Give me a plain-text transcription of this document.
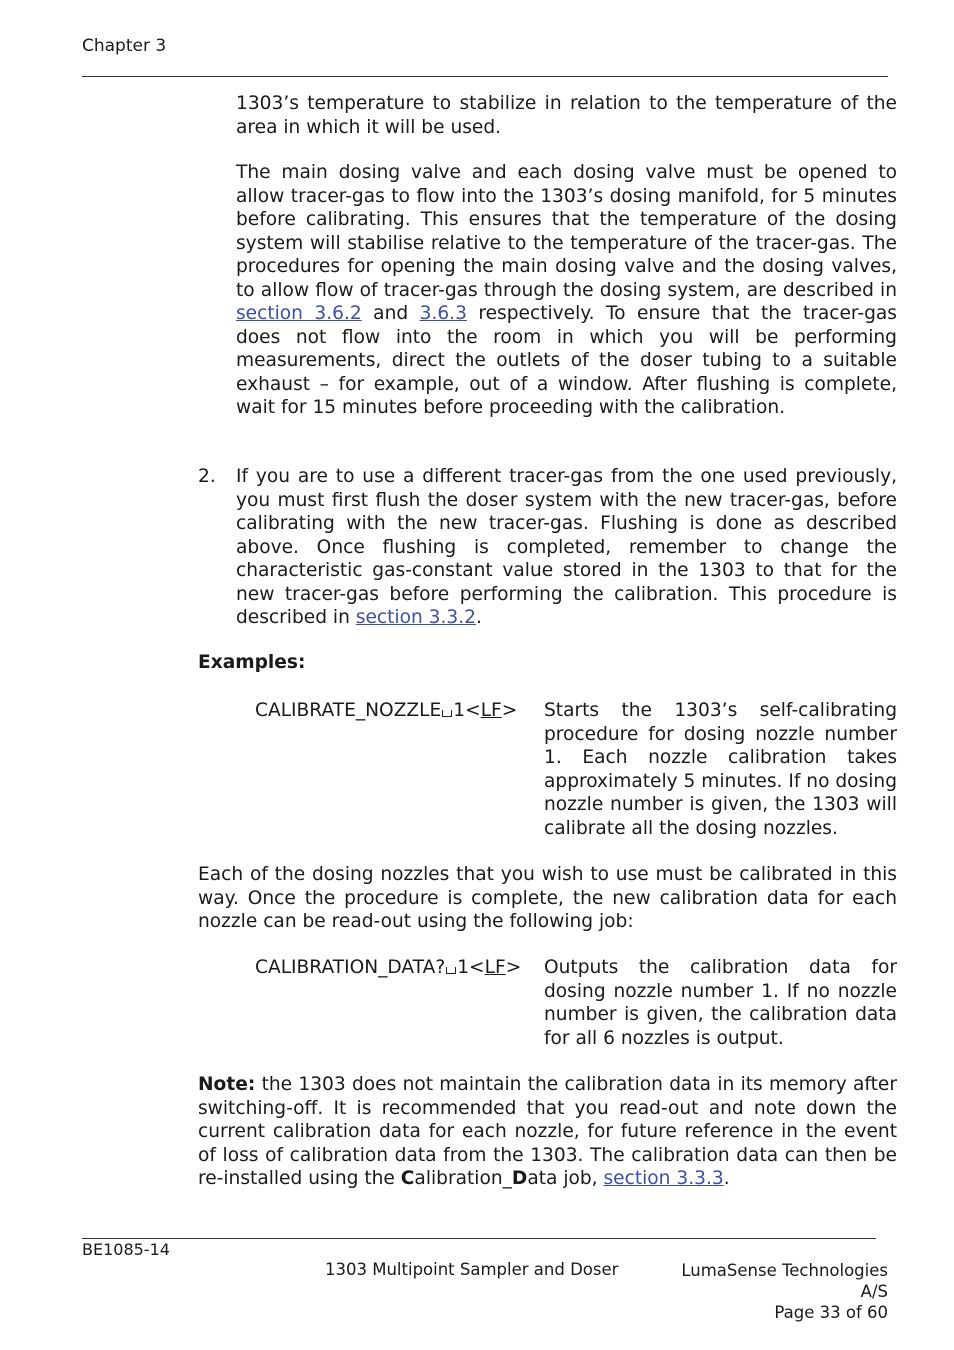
Chapter 3
1303’s temperature to stabilize in relation to the temperature of the area in which it will be used.
The main dosing valve and each dosing valve must be opened to allow tracer-gas to flow into the 1303’s dosing manifold, for 5 minutes before calibrating. This ensures that the temperature of the dosing system will stabilise relative to the temperature of the tracer-gas. The procedures for opening the main dosing valve and the dosing valves, to allow flow of tracer-gas through the dosing system, are described in section 3.6.2 and 3.6.3 respectively. To ensure that the tracer-gas does not flow into the room in which you will be performing measurements, direct the outlets of the doser tubing to a suitable exhaust – for example, out of a window. After flushing is complete, wait for 15 minutes before proceeding with the calibration.
2. If you are to use a different tracer-gas from the one used previously, you must first flush the doser system with the new tracer-gas, before calibrating with the new tracer-gas. Flushing is done as described above. Once flushing is completed, remember to change the characteristic gas-constant value stored in the 1303 to that for the new tracer-gas before performing the calibration. This procedure is described in section 3.3.2.
Examples:
CALIBRATE_NOZZLE 1<LF> Starts the 1303’s self-calibrating procedure for dosing nozzle number 1. Each nozzle calibration takes approximately 5 minutes. If no dosing nozzle number is given, the 1303 will calibrate all the dosing nozzles.
Each of the dosing nozzles that you wish to use must be calibrated in this way. Once the procedure is complete, the new calibration data for each nozzle can be read-out using the following job:
CALIBRATION_DATA? 1<LF> Outputs the calibration data for dosing nozzle number 1. If no nozzle number is given, the calibration data for all 6 nozzles is output.
Note: the 1303 does not maintain the calibration data in its memory after switching-off. It is recommended that you read-out and note down the current calibration data for each nozzle, for future reference in the event of loss of calibration data from the 1303. The calibration data can then be re-installed using the Calibration_Data job, section 3.3.3.
BE1085-14
1303 Multipoint Sampler and Doser	LumaSense Technologies A/S
Page 33 of 60
